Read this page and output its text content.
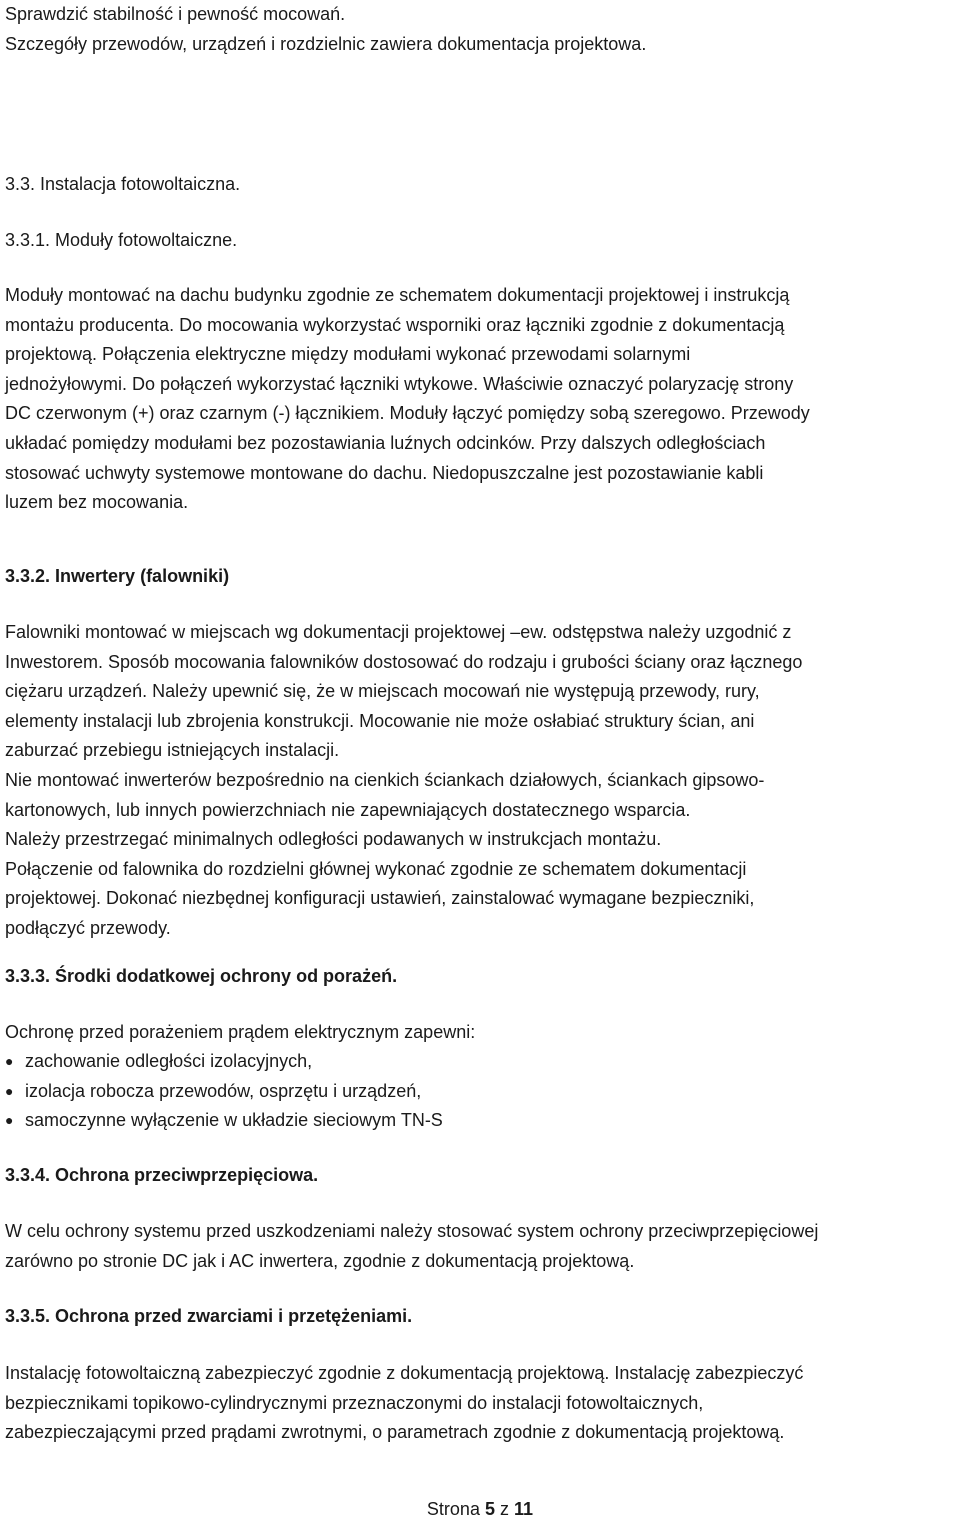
Sprawdzić stabilność i pewność mocowań.

Szczegóły przewodów, urządzeń i rozdzielnic zawiera dokumentacja projektowa.

3.3. Instalacja fotowoltaiczna.

3.3.1. Moduły fotowoltaiczne.

Moduły montować na dachu budynku zgodnie ze schematem dokumentacji projektowej i instrukcją

montażu producenta. Do mocowania wykorzystać wsporniki oraz łączniki zgodnie z dokumentacją

projektową. Połączenia elektryczne między modułami wykonać przewodami solarnymi

jednożyłowymi. Do połączeń wykorzystać łączniki wtykowe. Właściwie oznaczyć polaryzację strony

DC czerwonym (+) oraz czarnym (-) łącznikiem. Moduły łączyć pomiędzy sobą szeregowo. Przewody

układać pomiędzy modułami bez pozostawiania luźnych odcinków. Przy dalszych odległościach

stosować uchwyty systemowe montowane do dachu. Niedopuszczalne jest pozostawianie kabli

luzem bez mocowania.

3.3.2. Inwertery (falowniki)

Falowniki montować w miejscach wg dokumentacji projektowej –ew. odstępstwa należy uzgodnić z

Inwestorem. Sposób mocowania falowników dostosować do rodzaju i grubości ściany oraz łącznego

ciężaru urządzeń. Należy upewnić się, że w miejscach mocowań nie występują przewody, rury,

elementy instalacji lub zbrojenia konstrukcji. Mocowanie nie może osłabiać struktury ścian, ani

zaburzać przebiegu istniejących instalacji.

Nie montować inwerterów bezpośrednio na cienkich ściankach działowych, ściankach gipsowo-

kartonowych, lub innych powierzchniach nie zapewniających dostatecznego wsparcia.

Należy przestrzegać minimalnych odległości podawanych w instrukcjach montażu.

Połączenie od falownika do rozdzielni głównej wykonać zgodnie ze schematem dokumentacji

projektowej. Dokonać niezbędnej konfiguracji ustawień, zainstalować wymagane bezpieczniki,

podłączyć przewody.

3.3.3. Środki dodatkowej ochrony od porażeń.

Ochronę przed porażeniem prądem elektrycznym zapewni:

● zachowanie odległości izolacyjnych,
● izolacja robocza przewodów, osprzętu i urządzeń,
● samoczynne wyłączenie w układzie sieciowym TN-S

3.3.4. Ochrona przeciwprzepięciowa.

W celu ochrony systemu przed uszkodzeniami należy stosować system ochrony przeciwprzepięciowej

zarówno po stronie DC jak i AC inwertera, zgodnie z dokumentacją projektową.

3.3.5. Ochrona przed zwarciami i przetężeniami.

Instalację fotowoltaiczną zabezpieczyć zgodnie z dokumentacją projektową. Instalację zabezpieczyć

bezpiecznikami topikowo-cylindrycznymi przeznaczonymi do instalacji fotowoltaicznych,

zabezpieczającymi przed prądami zwrotnymi, o parametrach zgodnie z dokumentacją projektową.

Strona 5 z 11
